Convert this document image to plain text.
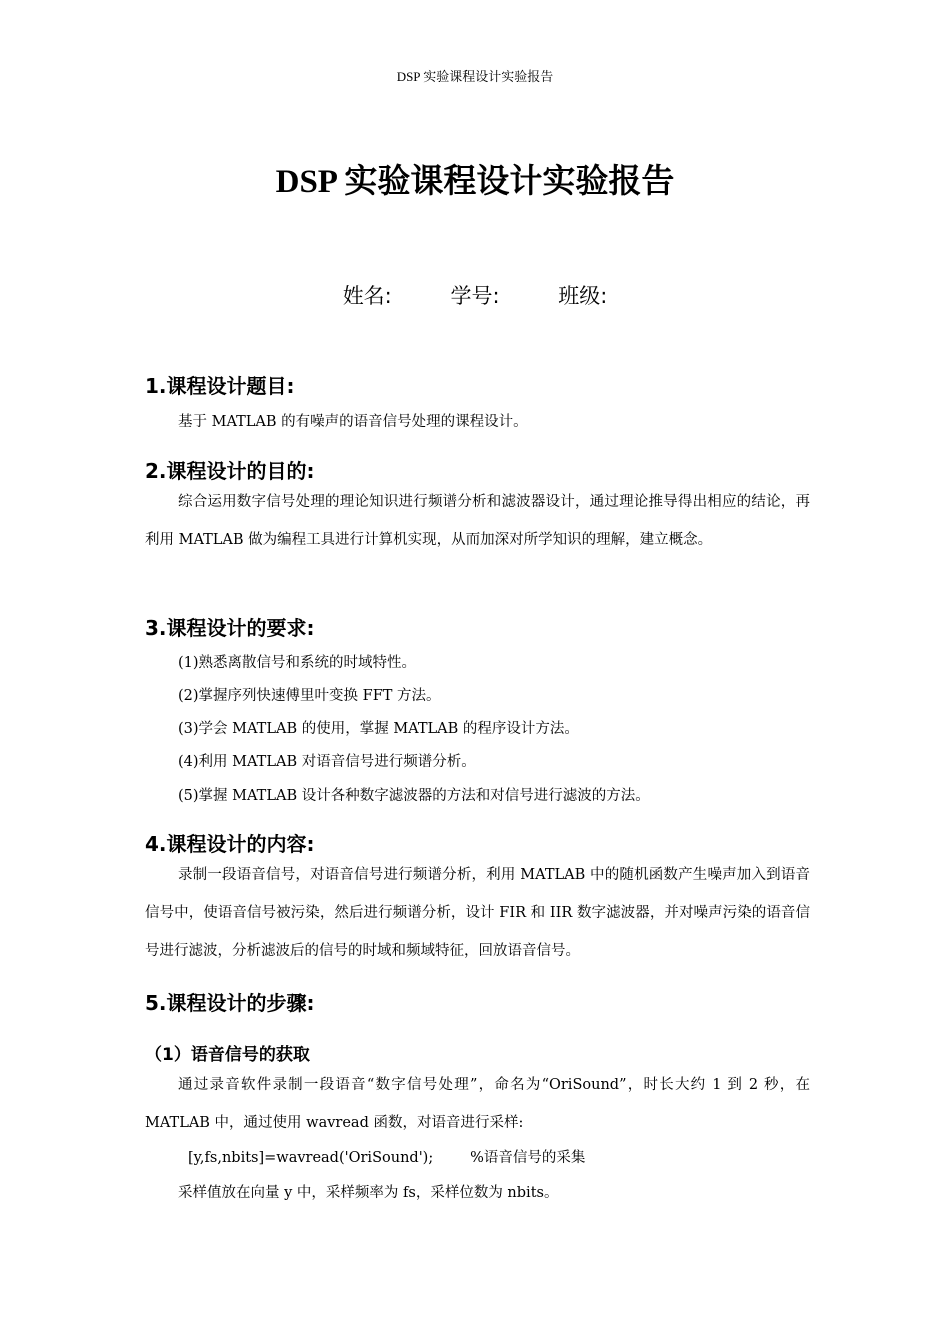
DSP 实验课程设计实验报告
DSP 实验课程设计实验报告
姓名:	学号:	班级:
1.课程设计题目:
基于 MATLAB 的有噪声的语音信号处理的课程设计。
2.课程设计的目的:
综合运用数字信号处理的理论知识进行频谱分析和滤波器设计，通过理论推导得出相应的结论，再利用 MATLAB 做为编程工具进行计算机实现，从而加深对所学知识的理解，建立概念。
3.课程设计的要求:
(1)熟悉离散信号和系统的时域特性。
(2)掌握序列快速傅里叶变换 FFT 方法。
(3)学会 MATLAB 的使用，掌握 MATLAB 的程序设计方法。
(4)利用 MATLAB 对语音信号进行频谱分析。
(5)掌握 MATLAB 设计各种数字滤波器的方法和对信号进行滤波的方法。
4.课程设计的内容:
录制一段语音信号，对语音信号进行频谱分析，利用 MATLAB 中的随机函数产生噪声加入到语音信号中，使语音信号被污染，然后进行频谱分析，设计 FIR 和 IIR 数字滤波器，并对噪声污染的语音信号进行滤波，分析滤波后的信号的时域和频域特征，回放语音信号。
5.课程设计的步骤:
（1）语音信号的获取
通过录音软件录制一段语音“数字信号处理”，命名为“OriSound”，时长大约 1 到 2 秒，在 MATLAB 中，通过使用 wavread 函数，对语音进行采样:
[y,fs,nbits]=wavread('OriSound');        %语音信号的采集
采样值放在向量 y 中，采样频率为 fs，采样位数为 nbits。
